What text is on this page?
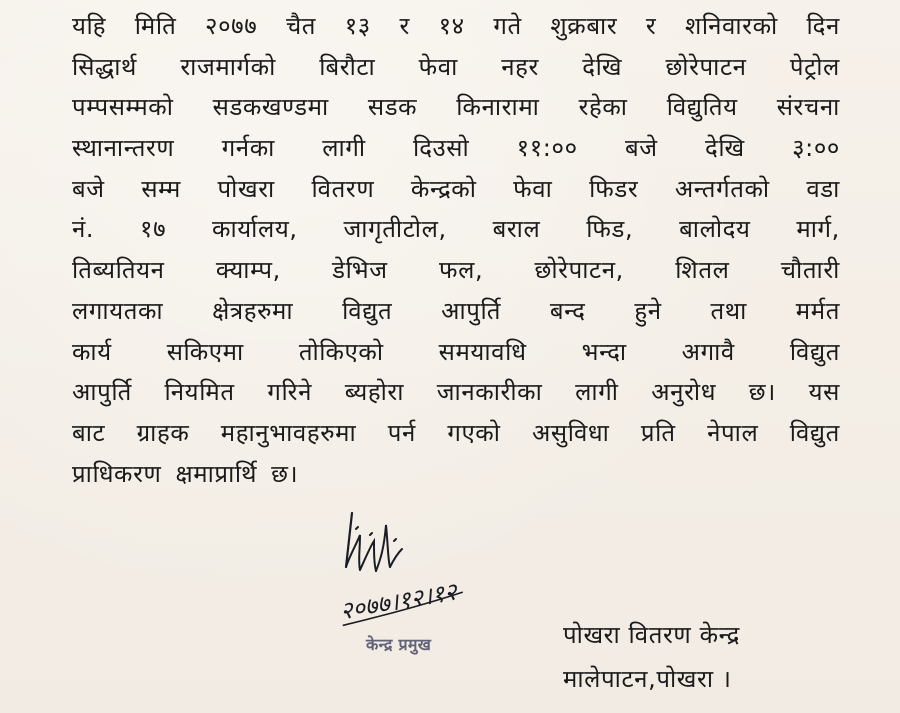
यहि मिति २०७७ चैत १३ र १४ गते शुक्रबार र शनिवारको दिन
सिद्धार्थ राजमार्गको बिरौटा फेवा नहर देखि छोरेपाटन पेट्रोल
पम्पसम्मको सडकखण्डमा सडक किनारामा रहेका विद्युतिय संरचना
स्थानान्तरण गर्नका लागी दिउसो ११:०० बजे देखि ३:००
बजे सम्म पोखरा वितरण केन्द्रको फेवा फिडर अन्तर्गतको वडा
नं. १७ कार्यालय, जागृतीटोल, बराल फिड, बालोदय मार्ग,
तिब्यतियन क्याम्प, डेभिज फल, छोरेपाटन, शितल चौतारी
लगायतका क्षेत्रहरुमा विद्युत आपुर्ति बन्द हुने तथा मर्मत
कार्य सकिएमा तोकिएको समयावधि भन्दा अगावै विद्युत
आपुर्ति नियमित गरिने ब्यहोरा जानकारीका लागी अनुरोध छ। यस
बाट ग्राहक महानुभावहरुमा पर्न गएको असुविधा प्रति नेपाल विद्युत
प्राधिकरण क्षमाप्रार्थि छ।
२०७७।१२।१२
केन्द्र प्रमुख	पोखरा वितरण केन्द्र
मालेपाटन,पोखरा ।
